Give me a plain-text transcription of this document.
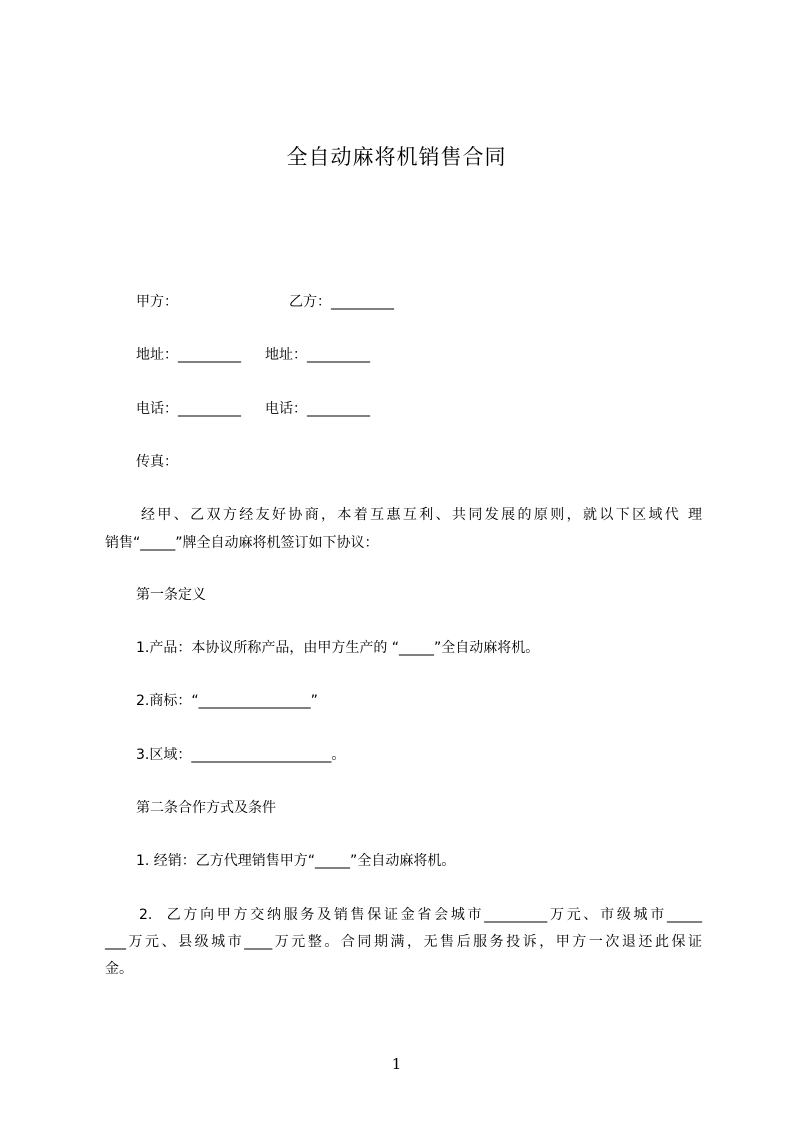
全自动麻将机销售合同
甲方：	乙方：_________
地址：_________ 地址：_________
电话：_________ 电话：_________
传真：
经甲、乙双方经友好协商，本着互惠互利、共同发展的原则，就以下区域代 理
销售“_____”牌全自动麻将机签订如下协议：
第一条定义
1.产品：本协议所称产品，由甲方生产的 “_____”全自动麻将机。
2.商标：“________________”
3.区域：____________________。
第二条合作方式及条件
1. 经销：乙方代理销售甲方“_____”全自动麻将机。
2.  乙方向甲方交纳服务及销售保证金省会城市_________万元、市级城市_____
___万元、县级城市____万元整。合同期满，无售后服务投诉，甲方一次退还此保证
金。
1
